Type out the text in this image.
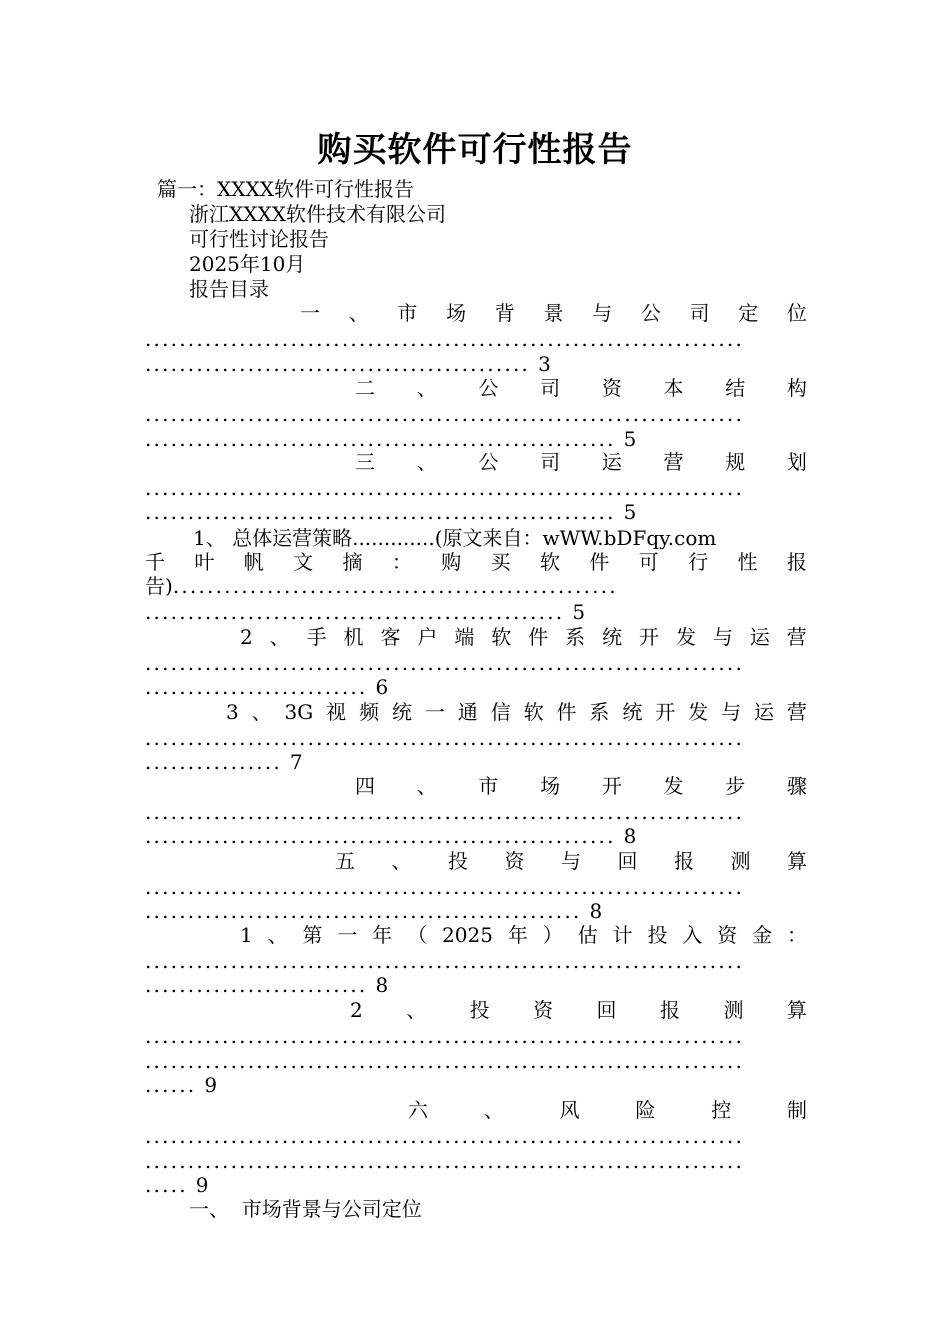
购买软件可行性报告
篇一：XXXX软件可行性报告
浙江XXXX软件技术有限公司
可行性讨论报告
2025年10月
报告目录
一 、 市 场 背 景 与 公 司 定 位
......................................................................
............................................. 3
二 、 公 司 资 本 结 构
......................................................................
....................................................... 5
三 、 公 司 运 营 规 划
......................................................................
....................................................... 5
1、 总体运营策略.............(原文来自：wWW.bDFqy.com
千 叶 帆 文 摘 ： 购 买 软 件 可 行 性 报
告)....................................................
................................................. 5
2 、 手 机 客 户 端 软 件 系 统 开 发 与 运 营
......................................................................
.......................... 6
3 、 3G 视 频 统 一 通 信 软 件 系 统 开 发 与 运 营
......................................................................
................ 7
四 、 市 场 开 发 步 骤
......................................................................
....................................................... 8
五 、 投 资 与 回 报 测 算
......................................................................
................................................... 8
1 、 第 一 年 （ 2025 年 ） 估 计 投 入 资 金 ：
......................................................................
.......................... 8
2 、 投 资 回 报 测 算
......................................................................
......................................................................
...... 9
六	、	风	险	控	制
......................................................................
......................................................................
..... 9
一、  市场背景与公司定位
